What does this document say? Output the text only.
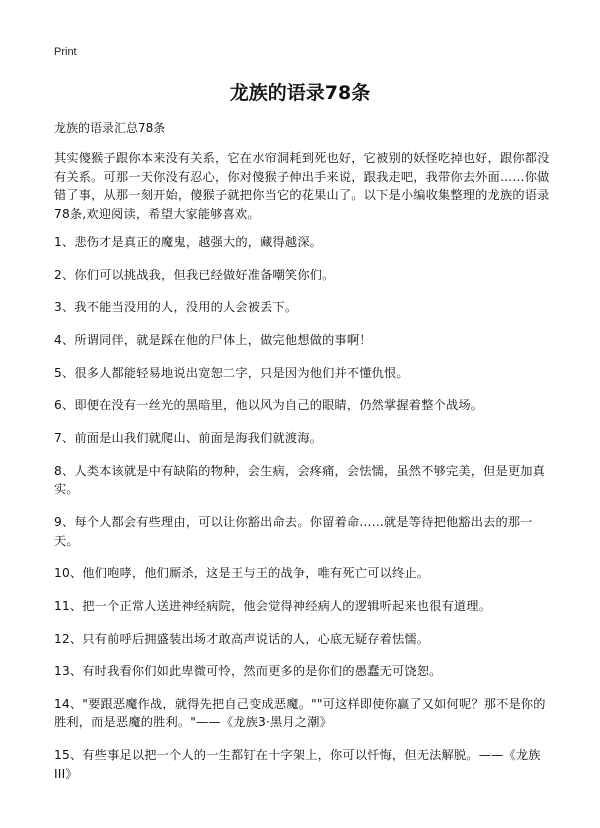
Print
龙族的语录78条
龙族的语录汇总78条
其实傻猴子跟你本来没有关系，它在水帘洞耗到死也好，它被别的妖怪吃掉也好，跟你都没有关系。可那一天你没有忍心，你对傻猴子伸出手来说，跟我走吧，我带你去外面……你做错了事，从那一刻开始，傻猴子就把你当它的花果山了。以下是小编收集整理的龙族的语录78条,欢迎阅读，希望大家能够喜欢。
1、悲伤才是真正的魔鬼，越强大的，藏得越深。
2、你们可以挑战我，但我已经做好准备嘲笑你们。
3、我不能当没用的人，没用的人会被丢下。
4、所谓同伴，就是踩在他的尸体上，做完他想做的事啊！
5、很多人都能轻易地说出宽恕二字，只是因为他们并不懂仇恨。
6、即便在没有一丝光的黑暗里，他以风为自己的眼睛，仍然掌握着整个战场。
7、前面是山我们就爬山、前面是海我们就渡海。
8、人类本该就是中有缺陷的物种，会生病，会疼痛，会怯懦，虽然不够完美，但是更加真实。
9、每个人都会有些理由，可以让你豁出命去。你留着命……就是等待把他豁出去的那一天。
10、他们咆哮，他们厮杀，这是王与王的战争，唯有死亡可以终止。
11、把一个正常人送进神经病院，他会觉得神经病人的逻辑听起来也很有道理。
12、只有前呼后拥盛装出场才敢高声说话的人，心底无疑存着怯懦。
13、有时我看你们如此卑微可怜，然而更多的是你们的愚蠢无可饶恕。
14、"要跟恶魔作战，就得先把自己变成恶魔。""可这样即使你赢了又如何呢？那不是你的胜利，而是恶魔的胜利。"——《龙族3·黑月之潮》
15、有些事足以把一个人的一生都钉在十字架上，你可以忏悔，但无法解脱。——《龙族III》
